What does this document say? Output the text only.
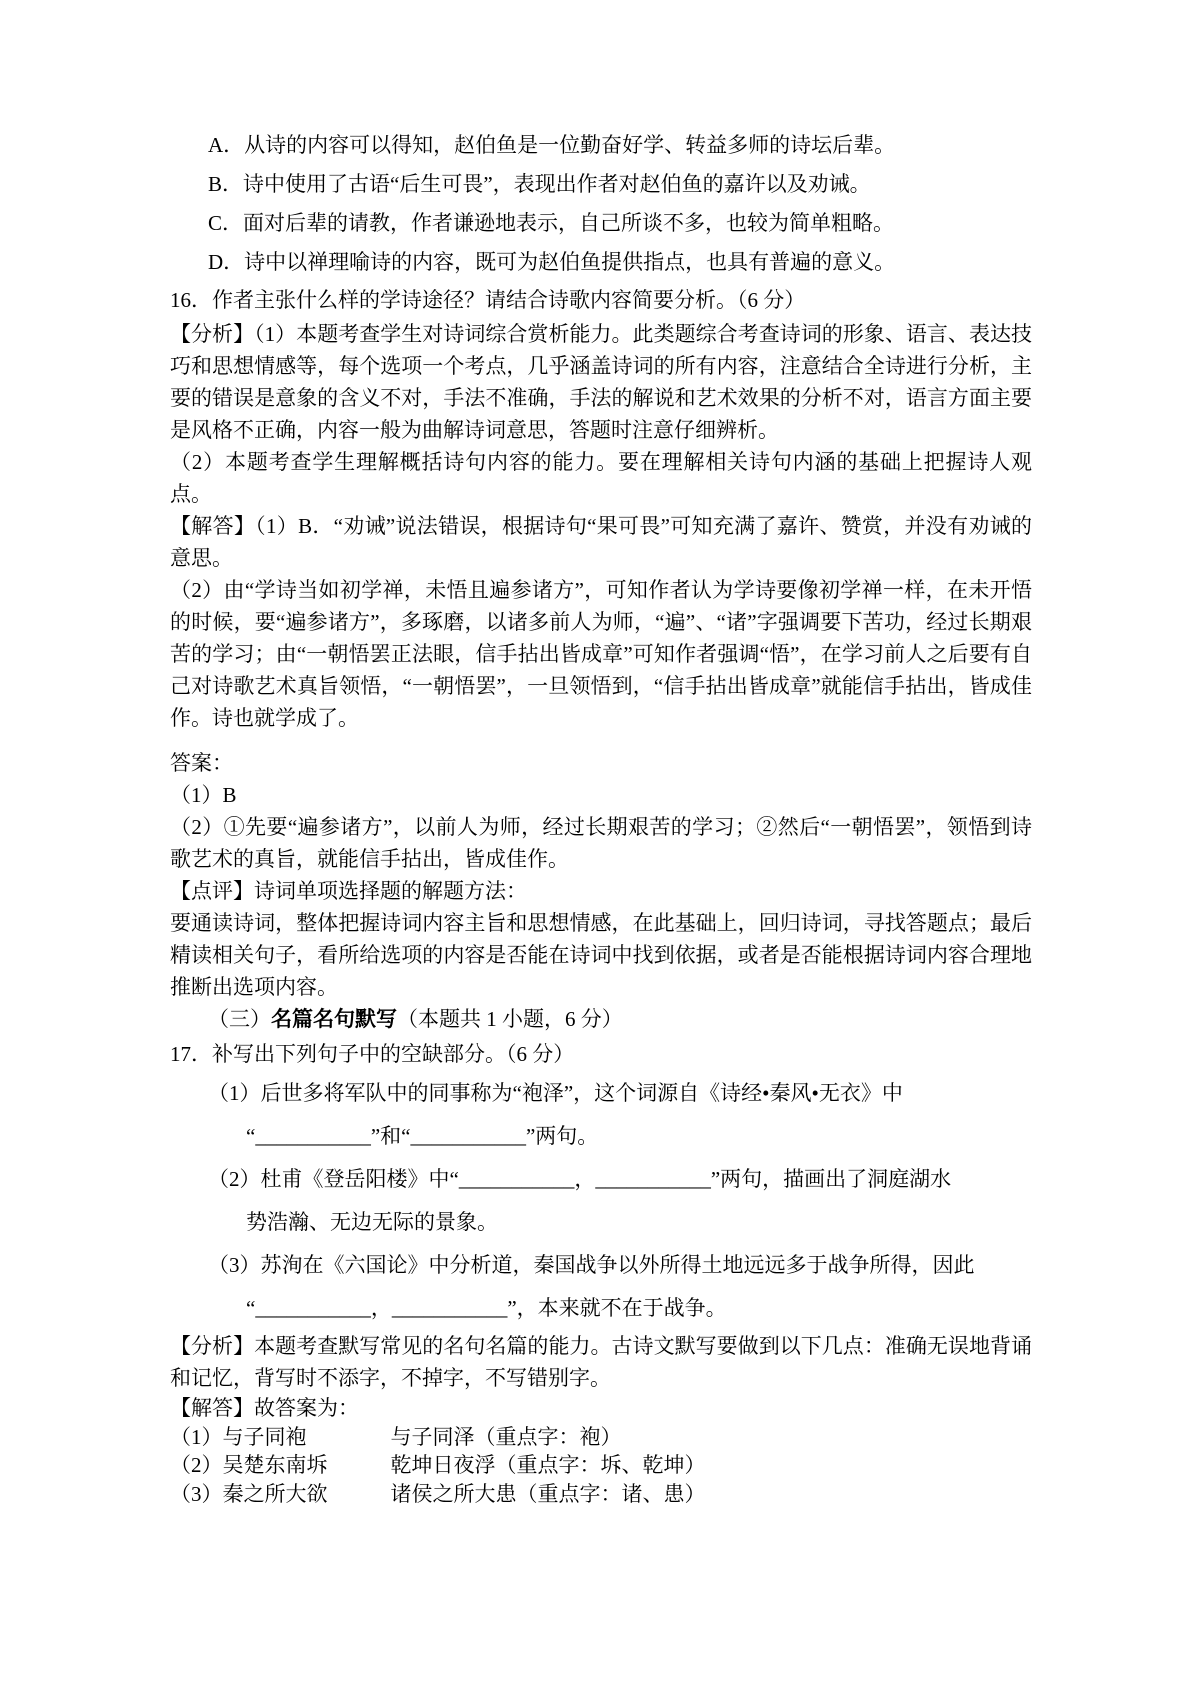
A．从诗的内容可以得知，赵伯鱼是一位勤奋好学、转益多师的诗坛后辈。
B．诗中使用了古语“后生可畏”，表现出作者对赵伯鱼的嘉许以及劝诫。
C．面对后辈的请教，作者谦逊地表示，自己所谈不多，也较为简单粗略。
D．诗中以禅理喻诗的内容，既可为赵伯鱼提供指点，也具有普遍的意义。
16．作者主张什么样的学诗途径？请结合诗歌内容简要分析。（6 分）
【分析】（1）本题考查学生对诗词综合赏析能力。此类题综合考查诗词的形象、语言、表达技巧和思想情感等，每个选项一个考点，几乎涵盖诗词的所有内容，注意结合全诗进行分析，主要的错误是意象的含义不对，手法不准确，手法的解说和艺术效果的分析不对，语言方面主要是风格不正确，内容一般为曲解诗词意思，答题时注意仔细辨析。
（2）本题考查学生理解概括诗句内容的能力。要在理解相关诗句内涵的基础上把握诗人观点。
【解答】（1）B．“劝诫”说法错误，根据诗句“果可畏”可知充满了嘉许、赞赏，并没有劝诫的意思。
（2）由“学诗当如初学禅，未悟且遍参诸方”，可知作者认为学诗要像初学禅一样，在未开悟的时候，要“遍参诸方”，多琢磨，以诸多前人为师，“遍”、“诸”字强调要下苦功，经过长期艰苦的学习；由“一朝悟罢正法眼，信手拈出皆成章”可知作者强调“悟”，在学习前人之后要有自己对诗歌艺术真旨领悟，“一朝悟罢”，一旦领悟到，“信手拈出皆成章”就能信手拈出，皆成佳作。诗也就学成了。
答案：
（1）B
（2）①先要“遍参诸方”，以前人为师，经过长期艰苦的学习；②然后“一朝悟罢”，领悟到诗歌艺术的真旨，就能信手拈出，皆成佳作。
【点评】诗词单项选择题的解题方法：
要通读诗词，整体把握诗词内容主旨和思想情感，在此基础上，回归诗词，寻找答题点；最后精读相关句子，看所给选项的内容是否能在诗词中找到依据，或者是否能根据诗词内容合理地推断出选项内容。
（三）名篇名句默写（本题共 1 小题，6 分）
17．补写出下列句子中的空缺部分。（6 分）
（1）后世多将军队中的同事称为“袍泽”，这个词源自《诗经•秦风•无衣》中
“___________”和“___________”两句。
（2）杜甫《登岳阳楼》中“___________，___________”两句，描画出了洞庭湖水
势浩瀚、无边无际的景象。
（3）苏洵在《六国论》中分析道，秦国战争以外所得土地远远多于战争所得，因此
“___________，___________”，本来就不在于战争。
【分析】本题考查默写常见的名句名篇的能力。古诗文默写要做到以下几点：准确无误地背诵和记忆，背写时不添字，不掉字，不写错别字。
【解答】故答案为：
（1）与子同袍　　　　与子同泽（重点字：袍）
（2）吴楚东南坼　　　乾坤日夜浮（重点字：坼、乾坤）
（3）秦之所大欲　　　诸侯之所大患（重点字：诸、患）
